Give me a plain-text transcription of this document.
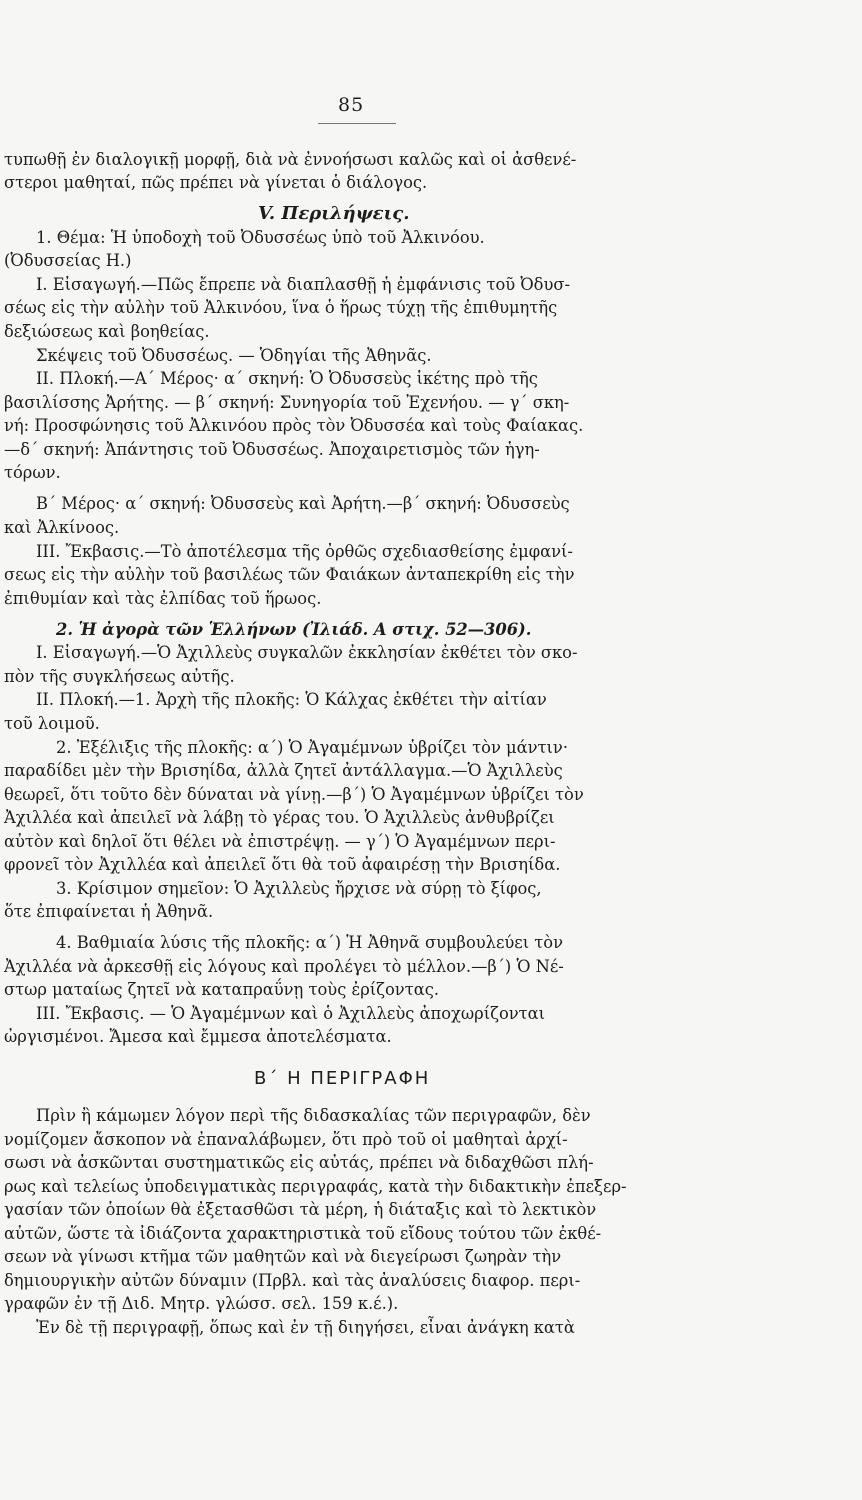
85
τυπωθῇ ἐν διαλογικῇ μορφῇ, διὰ νὰ ἐννοήσωσι καλῶς καὶ οἱ ἀσθενέ-
στεροι μαθηταί, πῶς πρέπει νὰ γίνεται ὁ διάλογος.
V. Περιλήψεις.
1. Θέμα: Ἡ ὑποδοχὴ τοῦ Ὀδυσσέως ὑπὸ τοῦ Ἀλκινόου.
(Ὀδυσσείας Η.)
Ι. Εἰσαγωγή.—Πῶς ἔπρεπε νὰ διαπλασθῇ ἡ ἐμφάνισις τοῦ Ὀδυσ-
σέως εἰς τὴν αὐλὴν τοῦ Ἀλκινόου, ἵνα ὁ ἥρως τύχῃ τῆς ἐπιθυμητῆς
δεξιώσεως καὶ βοηθείας.
Σκέψεις τοῦ Ὀδυσσέως. — Ὁδηγίαι τῆς Ἀθηνᾶς.
ΙΙ. Πλοκή.—Α΄ Μέρος· α΄ σκηνή: Ὁ Ὀδυσσεὺς ἱκέτης πρὸ τῆς
βασιλίσσης Ἀρήτης. — β΄ σκηνή: Συνηγορία τοῦ Ἐχενήου. — γ΄ σκη-
νή: Προσφώνησις τοῦ Ἀλκινόου πρὸς τὸν Ὀδυσσέα καὶ τοὺς Φαίακας.
—δ΄ σκηνή: Ἀπάντησις τοῦ Ὀδυσσέως. Ἀποχαιρετισμὸς τῶν ἡγη-
τόρων.
Β΄ Μέρος· α΄ σκηνή: Ὀδυσσεὺς καὶ Ἀρήτη.—β΄ σκηνή: Ὀδυσσεὺς
καὶ Ἀλκίνοος.
ΙΙΙ. Ἔκβασις.—Τὸ ἀποτέλεσμα τῆς ὀρθῶς σχεδιασθείσης ἐμφανί-
σεως εἰς τὴν αὐλὴν τοῦ βασιλέως τῶν Φαιάκων ἀνταπεκρίθη εἰς τὴν
ἐπιθυμίαν καὶ τὰς ἐλπίδας τοῦ ἥρωος.
2. Ἡ ἀγορὰ τῶν Ἑλλήνων (Ἰλιάδ. Α στιχ. 52—306).
Ι. Εἰσαγωγή.—Ὁ Ἀχιλλεὺς συγκαλῶν ἐκκλησίαν ἐκθέτει τὸν σκο-
πὸν τῆς συγκλήσεως αὐτῆς.
ΙΙ. Πλοκή.—1. Ἀρχὴ τῆς πλοκῆς: Ὁ Κάλχας ἐκθέτει τὴν αἰτίαν
τοῦ λοιμοῦ.
2. Ἐξέλιξις τῆς πλοκῆς: α΄) Ὁ Ἀγαμέμνων ὑβρίζει τὸν μάντιν·
παραδίδει μὲν τὴν Βρισηίδα, ἀλλὰ ζητεῖ ἀντάλλαγμα.—Ὁ Ἀχιλλεὺς
θεωρεῖ, ὅτι τοῦτο δὲν δύναται νὰ γίνῃ.—β΄) Ὁ Ἀγαμέμνων ὑβρίζει τὸν
Ἀχιλλέα καὶ ἀπειλεῖ νὰ λάβῃ τὸ γέρας του. Ὁ Ἀχιλλεὺς ἀνθυβρίζει
αὐτὸν καὶ δηλοῖ ὅτι θέλει νὰ ἐπιστρέψῃ. — γ΄) Ὁ Ἀγαμέμνων περι-
φρονεῖ τὸν Ἀχιλλέα καὶ ἀπειλεῖ ὅτι θὰ τοῦ ἀφαιρέσῃ τὴν Βρισηίδα.
3. Κρίσιμον σημεῖον: Ὁ Ἀχιλλεὺς ἤρχισε νὰ σύρῃ τὸ ξίφος,
ὅτε ἐπιφαίνεται ἡ Ἀθηνᾶ.
4. Βαθμιαία λύσις τῆς πλοκῆς: α΄) Ἡ Ἀθηνᾶ συμβουλεύει τὸν
Ἀχιλλέα νὰ ἀρκεσθῇ εἰς λόγους καὶ προλέγει τὸ μέλλον.—β΄) Ὁ Νέ-
στωρ ματαίως ζητεῖ νὰ καταπραΰνῃ τοὺς ἐρίζοντας.
ΙΙΙ. Ἔκβασις. — Ὁ Ἀγαμέμνων καὶ ὁ Ἀχιλλεὺς ἀποχωρίζονται
ὠργισμένοι. Ἄμεσα καὶ ἔμμεσα ἀποτελέσματα.
Β΄ Η ΠΕΡΙΓΡΑΦΗ
Πρὶν ἢ κάμωμεν λόγον περὶ τῆς διδασκαλίας τῶν περιγραφῶν, δὲν
νομίζομεν ἄσκοπον νὰ ἐπαναλάβωμεν, ὅτι πρὸ τοῦ οἱ μαθηταὶ ἀρχί-
σωσι νὰ ἀσκῶνται συστηματικῶς εἰς αὐτάς, πρέπει νὰ διδαχθῶσι πλή-
ρως καὶ τελείως ὑποδειγματικὰς περιγραφάς, κατὰ τὴν διδακτικὴν ἐπεξερ-
γασίαν τῶν ὁποίων θὰ ἐξετασθῶσι τὰ μέρη, ἡ διάταξις καὶ τὸ λεκτικὸν
αὐτῶν, ὥστε τὰ ἰδιάζοντα χαρακτηριστικὰ τοῦ εἴδους τούτου τῶν ἐκθέ-
σεων νὰ γίνωσι κτῆμα τῶν μαθητῶν καὶ νὰ διεγείρωσι ζωηρὰν τὴν
δημιουργικὴν αὐτῶν δύναμιν (Πρβλ. καὶ τὰς ἀναλύσεις διαφορ. περι-
γραφῶν ἐν τῇ Διδ. Μητρ. γλώσσ. σελ. 159 κ.έ.).
Ἐν δὲ τῇ περιγραφῇ, ὅπως καὶ ἐν τῇ διηγήσει, εἶναι ἀνάγκη κατὰ
